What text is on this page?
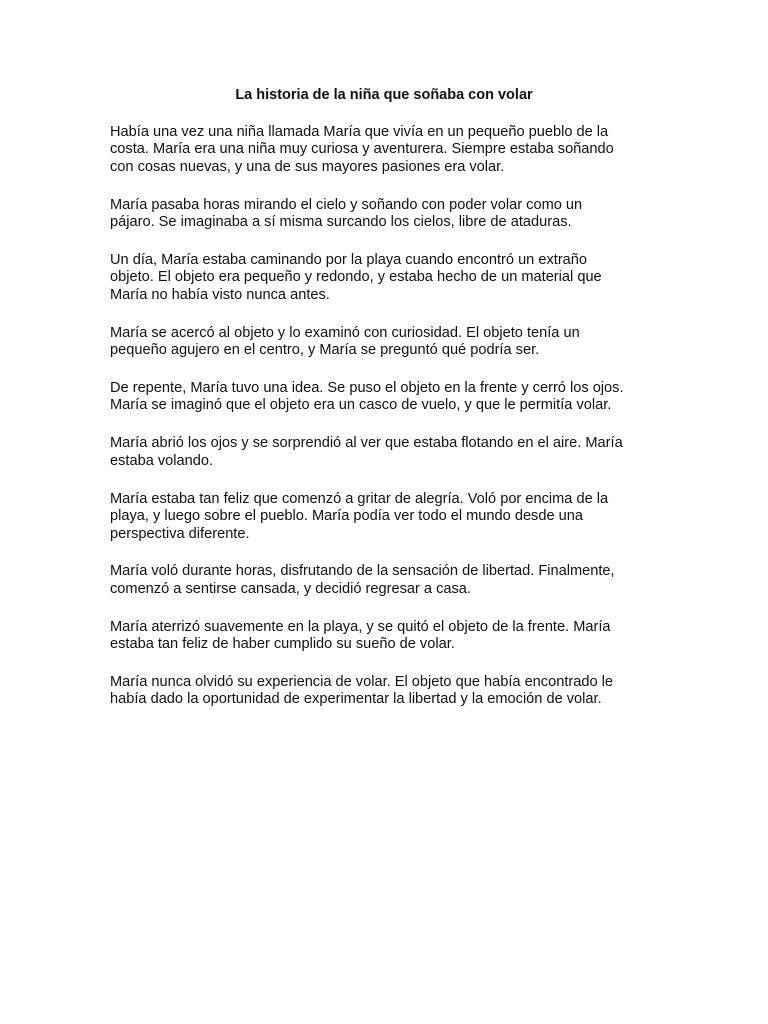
La historia de la niña que soñaba con volar

Había una vez una niña llamada María que vivía en un pequeño pueblo de la
costa. María era una niña muy curiosa y aventurera. Siempre estaba soñando
con cosas nuevas, y una de sus mayores pasiones era volar.

María pasaba horas mirando el cielo y soñando con poder volar como un
pájaro. Se imaginaba a sí misma surcando los cielos, libre de ataduras.

Un día, María estaba caminando por la playa cuando encontró un extraño
objeto. El objeto era pequeño y redondo, y estaba hecho de un material que
María no había visto nunca antes.

María se acercó al objeto y lo examinó con curiosidad. El objeto tenía un
pequeño agujero en el centro, y María se preguntó qué podría ser.

De repente, María tuvo una idea. Se puso el objeto en la frente y cerró los ojos.
María se imaginó que el objeto era un casco de vuelo, y que le permitía volar.

María abrió los ojos y se sorprendió al ver que estaba flotando en el aire. María
estaba volando.

María estaba tan feliz que comenzó a gritar de alegría. Voló por encima de la
playa, y luego sobre el pueblo. María podía ver todo el mundo desde una
perspectiva diferente.

María voló durante horas, disfrutando de la sensación de libertad. Finalmente,
comenzó a sentirse cansada, y decidió regresar a casa.

María aterrizó suavemente en la playa, y se quitó el objeto de la frente. María
estaba tan feliz de haber cumplido su sueño de volar.

María nunca olvidó su experiencia de volar. El objeto que había encontrado le
había dado la oportunidad de experimentar la libertad y la emoción de volar.
